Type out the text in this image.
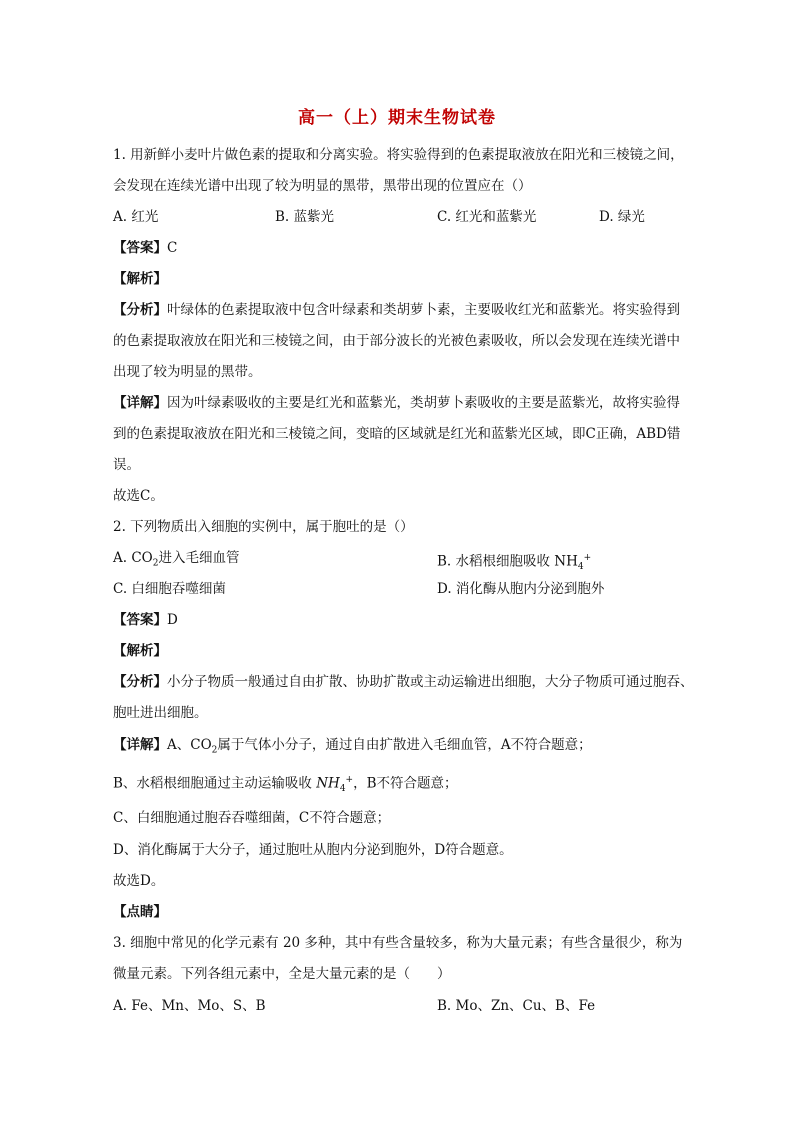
高一（上）期末生物试卷
1. 用新鲜小麦叶片做色素的提取和分离实验。将实验得到的色素提取液放在阳光和三棱镜之间，
会发现在连续光谱中出现了较为明显的黑带，黑带出现的位置应在（）
A. 红光	B. 蓝紫光	C. 红光和蓝紫光	D. 绿光
【答案】C
【解析】
【分析】叶绿体的色素提取液中包含叶绿素和类胡萝卜素，主要吸收红光和蓝紫光。将实验得到
的色素提取液放在阳光和三棱镜之间，由于部分波长的光被色素吸收，所以会发现在连续光谱中
出现了较为明显的黑带。
【详解】因为叶绿素吸收的主要是红光和蓝紫光，类胡萝卜素吸收的主要是蓝紫光，故将实验得
到的色素提取液放在阳光和三棱镜之间，变暗的区域就是红光和蓝紫光区域，即C正确，ABD错
误。
故选C。
2. 下列物质出入细胞的实例中，属于胞吐的是（）
A. $CO_2$进入毛细血管	B. 水稻根细胞吸收 $NH_4^+$
C. 白细胞吞噬细菌	D. 消化酶从胞内分泌到胞外
【答案】D
【解析】
【分析】小分子物质一般通过自由扩散、协助扩散或主动运输进出细胞，大分子物质可通过胞吞、
胞吐进出细胞。
【详解】A、$CO_2$属于气体小分子，通过自由扩散进入毛细血管，A不符合题意；
B、水稻根细胞通过主动运输吸收 $NH_4^+$，B不符合题意；
C、白细胞通过胞吞吞噬细菌，C不符合题意；
D、消化酶属于大分子，通过胞吐从胞内分泌到胞外，D符合题意。
故选D。
【点睛】
3. 细胞中常见的化学元素有 20 多种，其中有些含量较多，称为大量元素；有些含量很少，称为
微量元素。下列各组元素中，全是大量元素的是（　　）
A. Fe、Mn、Mo、S、B	B. Mo、Zn、Cu、B、Fe
